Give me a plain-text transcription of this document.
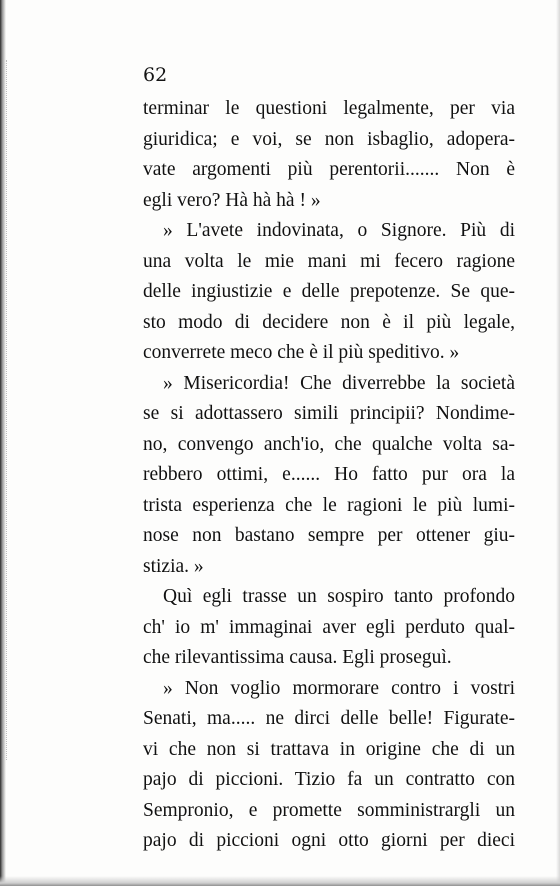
62
terminar le questioni legalmente, per via
giuridica; e voi, se non isbaglio, adopera-
vate argomenti più perentorii....... Non è
egli vero? Hà hà hà ! »
» L'avete indovinata, o Signore. Più di
una volta le mie mani mi fecero ragione
delle ingiustizie e delle prepotenze. Se que-
sto modo di decidere non è il più legale,
converrete meco che è il più speditivo. »
» Misericordia! Che diverrebbe la società
se si adottassero simili principii? Nondime-
no, convengo anch'io, che qualche volta sa-
rebbero ottimi, e...... Ho fatto pur ora la
trista esperienza che le ragioni le più lumi-
nose non bastano sempre per ottener giu-
stizia. »
Quì egli trasse un sospiro tanto profondo
ch' io m' immaginai aver egli perduto qual-
che rilevantissima causa. Egli proseguì.
» Non voglio mormorare contro i vostri
Senati, ma..... ne dirci delle belle! Figurate-
vi che non si trattava in origine che di un
pajo di piccioni. Tizio fa un contratto con
Sempronio, e promette somministrargli un
pajo di piccioni ogni otto giorni per dieci
